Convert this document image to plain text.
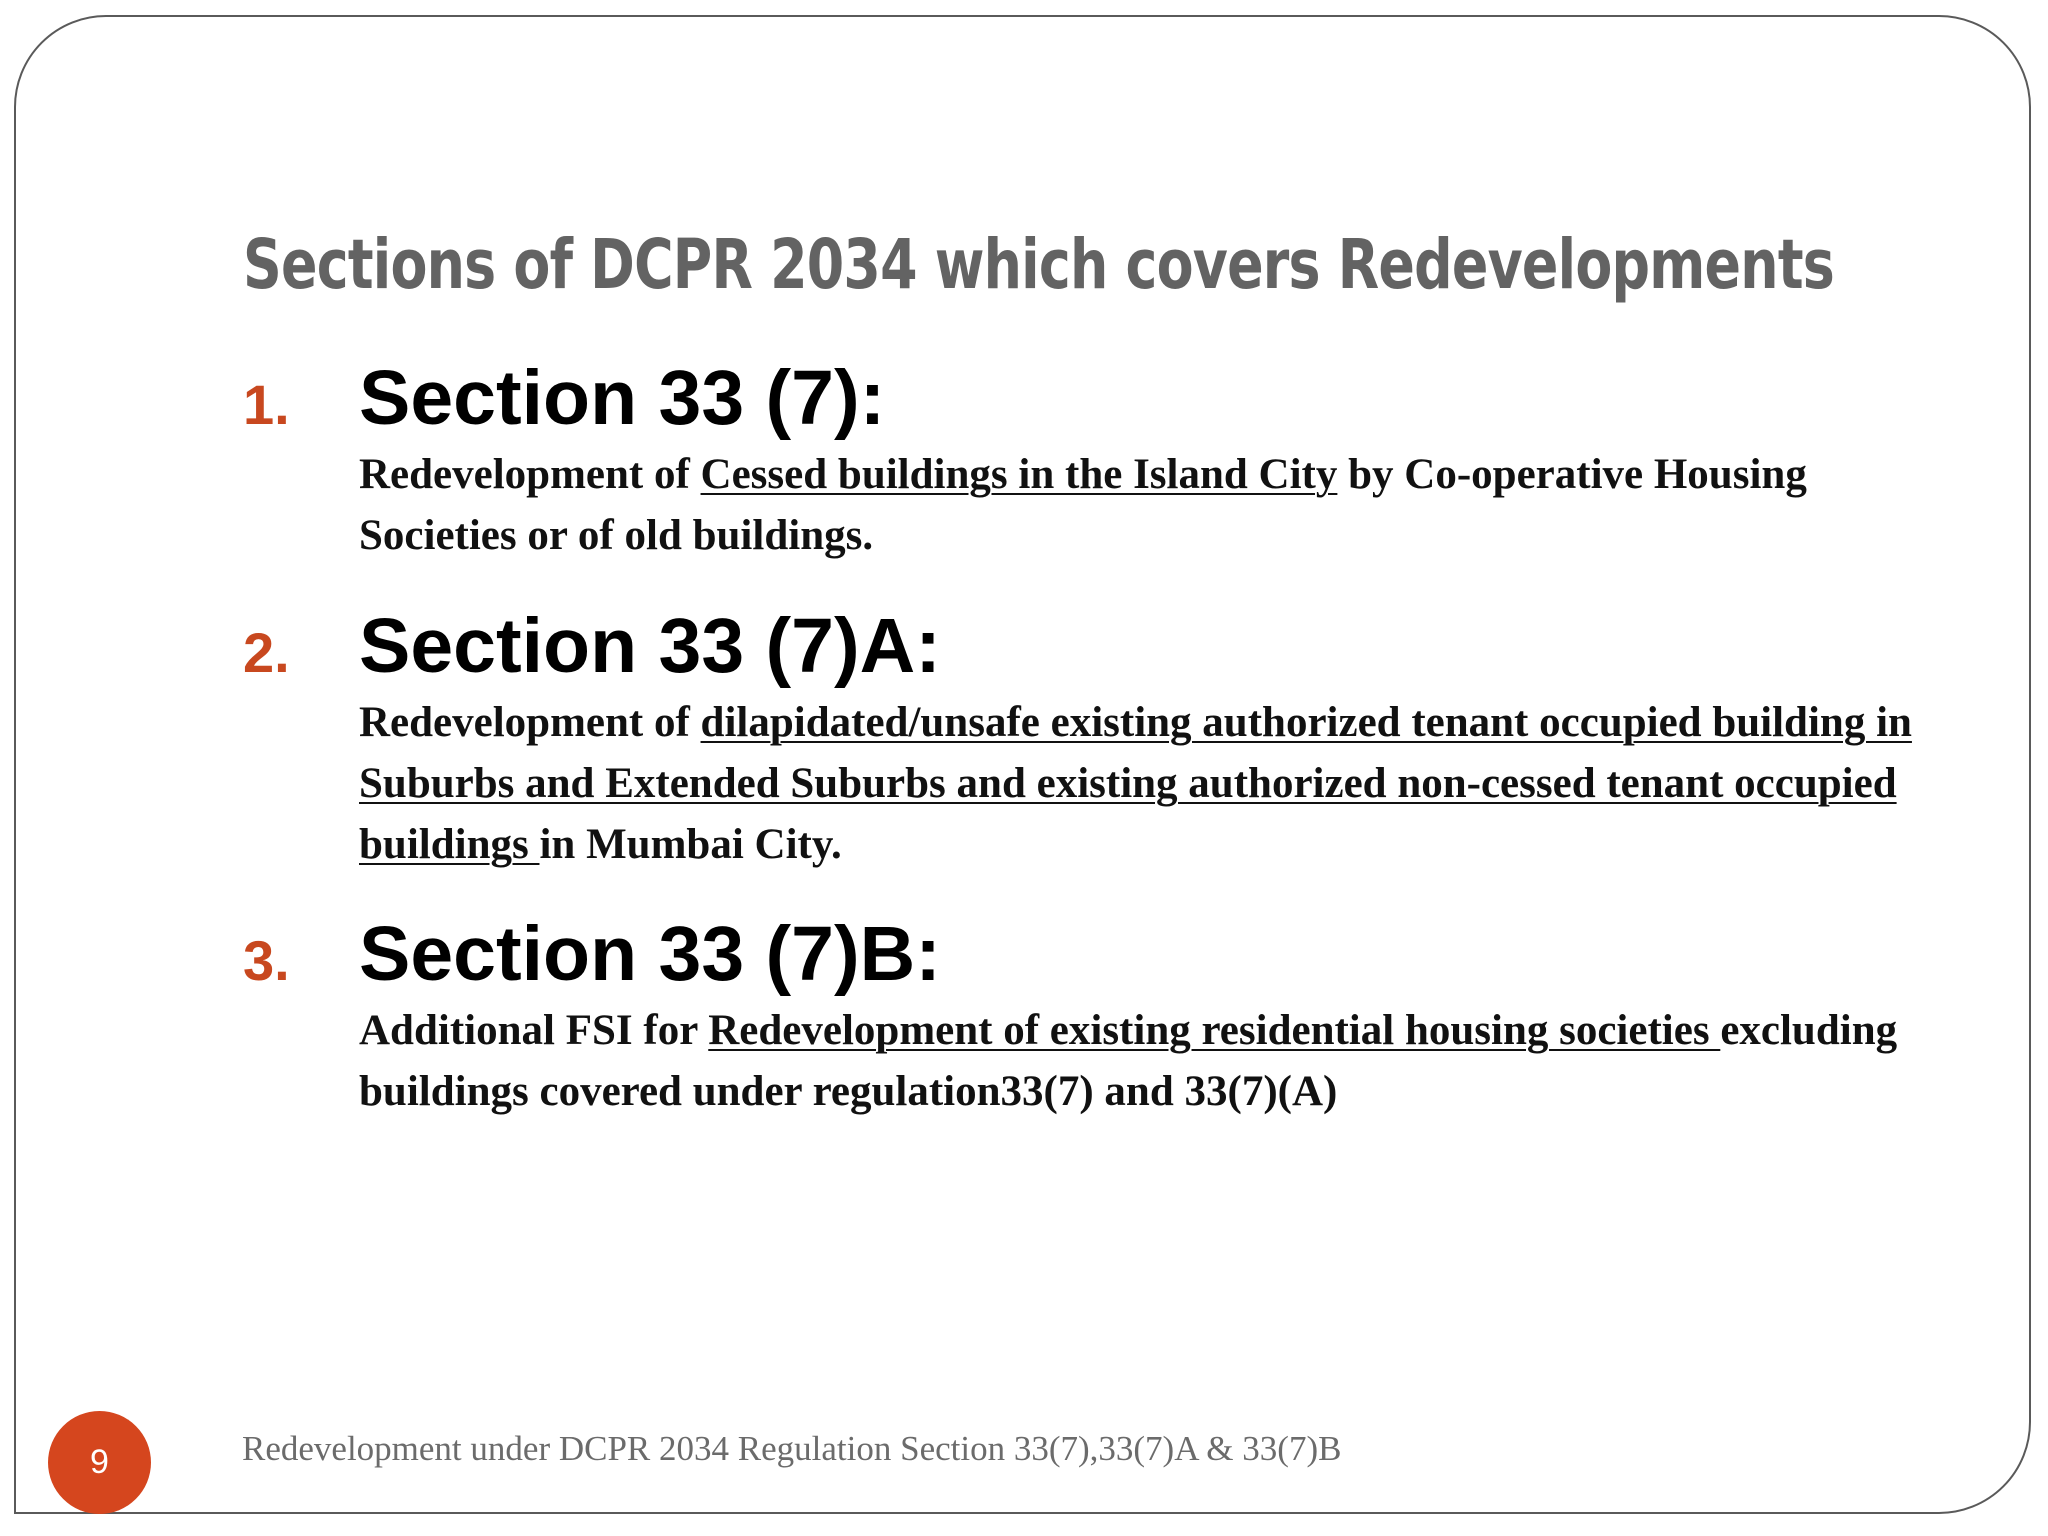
Sections of DCPR 2034 which covers Redevelopments
1. Section 33 (7):

Redevelopment of Cessed buildings in the Island City by Co-operative Housing Societies or of old buildings.

2. Section 33 (7)A:

Redevelopment of dilapidated/unsafe existing authorized tenant occupied building in Suburbs and Extended Suburbs and existing authorized non-cessed tenant occupied buildings in Mumbai City.

3. Section 33 (7)B:

Additional FSI for Redevelopment of existing residential housing societies excluding buildings covered under regulation33(7) and 33(7)(A)

9	Redevelopment under DCPR 2034 Regulation Section 33(7),33(7)A & 33(7)B
